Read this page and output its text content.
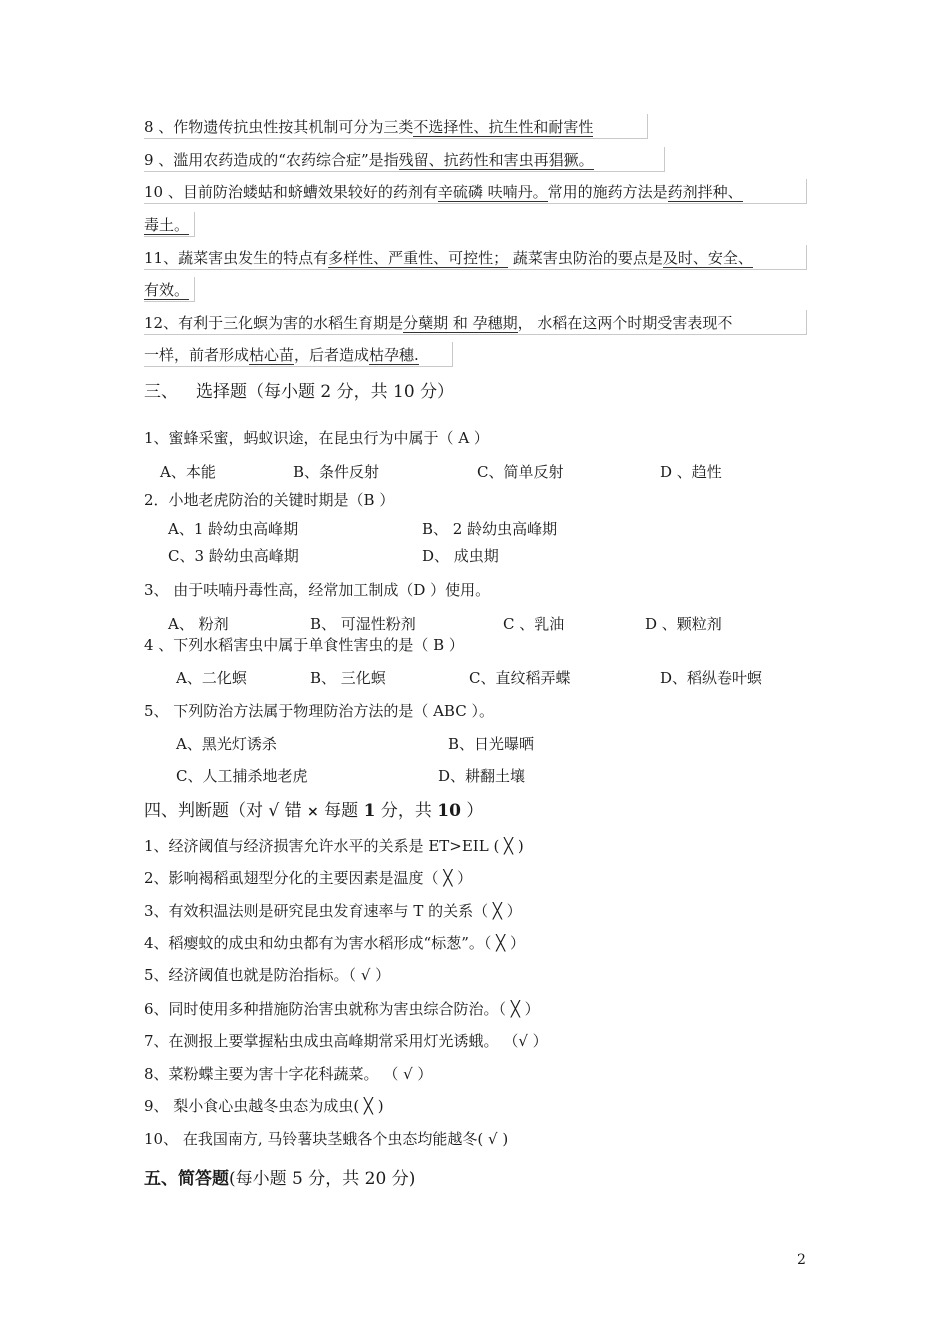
8 、作物遗传抗虫性按其机制可分为三类不选择性、抗生性和耐害性
9 、滥用农药造成的“农药综合症”是指残留、抗药性和害虫再猖獗。
10 、目前防治蝼蛄和蛴螬效果较好的药剂有辛硫磷 呋喃丹。常用的施药方法是药剂拌种、
毒土。
11、蔬菜害虫发生的特点有多样性、严重性、可控性； 蔬菜害虫防治的要点是及时、安全、
有效。
12、有利于三化螟为害的水稻生育期是分蘖期 和 孕穗期， 水稻在这两个时期受害表现不
一样，前者形成枯心苗，后者造成枯孕穗.
三、 选择题（每小题 2 分，共 10 分）
1、蜜蜂采蜜，蚂蚁识途，在昆虫行为中属于（ A ）
A、本能	B、条件反射	C、简单反射	D 、趋性
2．小地老虎防治的关键时期是（B ）
A、1 龄幼虫高峰期	B、 2 龄幼虫高峰期
C、3 龄幼虫高峰期	D、 成虫期
3、 由于呋喃丹毒性高，经常加工制成（D ）使用。
A、 粉剂	B、 可湿性粉剂	C 、乳油	D 、颗粒剂
4 、下列水稻害虫中属于单食性害虫的是（ B ）
A、二化螟	B、 三化螟	C、直纹稻弄蝶	D、稻纵卷叶螟
5、 下列防治方法属于物理防治方法的是（ ABC ）。
A、黑光灯诱杀	B、日光曝晒
C、人工捕杀地老虎	D、耕翻土壤
四、判断题（对 √ 错 × 每题 1 分，共 10 ）
1、经济阈值与经济损害允许水平的关系是 ET>EIL ( ╳ )
2、影响褐稻虱翅型分化的主要因素是温度（ ╳ ）
3、有效积温法则是研究昆虫发育速率与 T 的关系（ ╳ ）
4、稻瘿蚊的成虫和幼虫都有为害水稻形成“标葱”。（ ╳ ）
5、经济阈值也就是防治指标。（ √ ）
6、同时使用多种措施防治害虫就称为害虫综合防治。（ ╳ ）
7、在测报上要掌握粘虫成虫高峰期常采用灯光诱蛾。 （√ ）
8、菜粉蝶主要为害十字花科蔬菜。 （ √ ）
9、 梨小食心虫越冬虫态为成虫( ╳ )
10、 在我国南方, 马铃薯块茎蛾各个虫态均能越冬( √ )
五、简答题(每小题 5 分，共 20 分)
2
